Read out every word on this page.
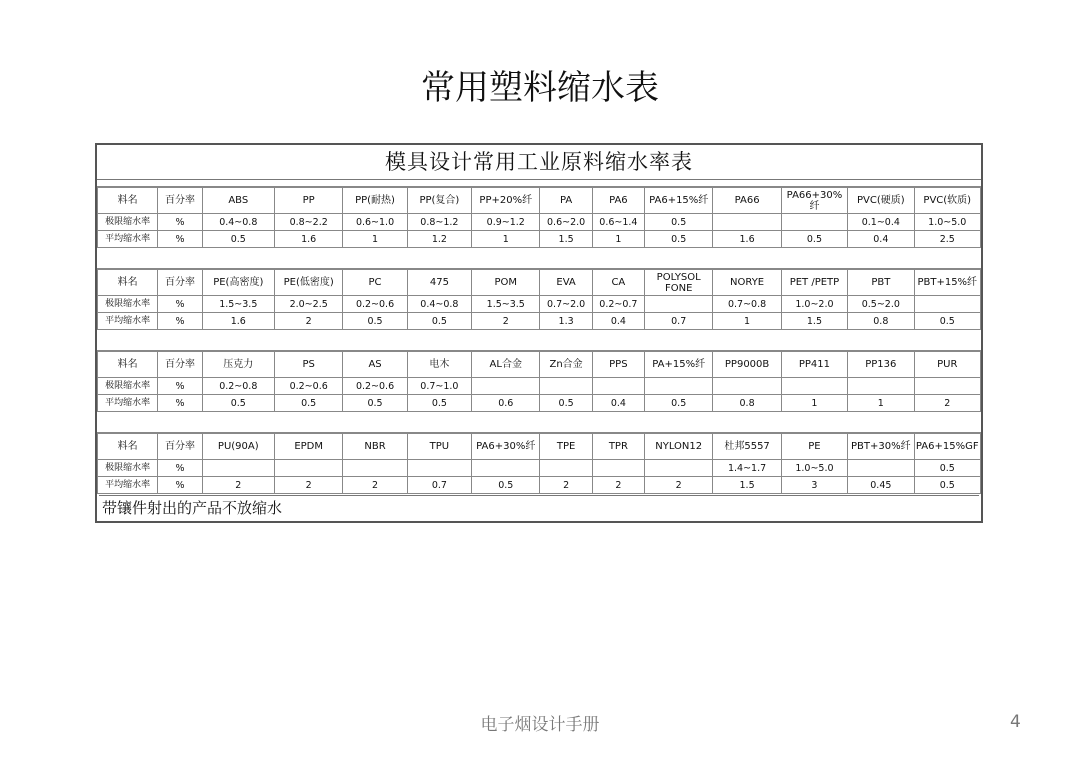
常用塑料缩水表
模具设计常用工业原料缩水率表
料名	百分率	ABS	PP	PP(耐热)	PP(复合)	PP+20%纤	PA	PA6	PA6+15%纤	PA66	PA66+30%纤	PVC(硬质)	PVC(软质)
极限缩水率	%	0.4~0.8	0.8~2.2	0.6~1.0	0.8~1.2	0.9~1.2	0.6~2.0	0.6~1.4	0.5			0.1~0.4	1.0~5.0
平均缩水率	%	0.5	1.6	1	1.2	1	1.5	1	0.5	1.6	0.5	0.4	2.5
料名	百分率	PE(高密度)	PE(低密度)	PC	475	POM	EVA	CA	POLYSOL FONE	NORYE	PET /PETP	PBT	PBT+15%纤
极限缩水率	%	1.5~3.5	2.0~2.5	0.2~0.6	0.4~0.8	1.5~3.5	0.7~2.0	0.2~0.7		0.7~0.8	1.0~2.0	0.5~2.0	
平均缩水率	%	1.6	2	0.5	0.5	2	1.3	0.4	0.7	1	1.5	0.8	0.5
料名	百分率	压克力	PS	AS	电木	AL合金	Zn合金	PPS	PA+15%纤	PP9000B	PP411	PP136	PUR
极限缩水率	%	0.2~0.8	0.2~0.6	0.2~0.6	0.7~1.0								
平均缩水率	%	0.5	0.5	0.5	0.5	0.6	0.5	0.4	0.5	0.8	1	1	2
料名	百分率	PU(90A)	EPDM	NBR	TPU	PA6+30%纤	TPE	TPR	NYLON12	杜邦5557	PE	PBT+30%纤	PA6+15%GF
极限缩水率	%									1.4~1.7	1.0~5.0		0.5
平均缩水率	%	2	2	2	0.7	0.5	2	2	2	1.5	3	0.45	0.5
带镶件射出的产品不放缩水
电子烟设计手册	4
